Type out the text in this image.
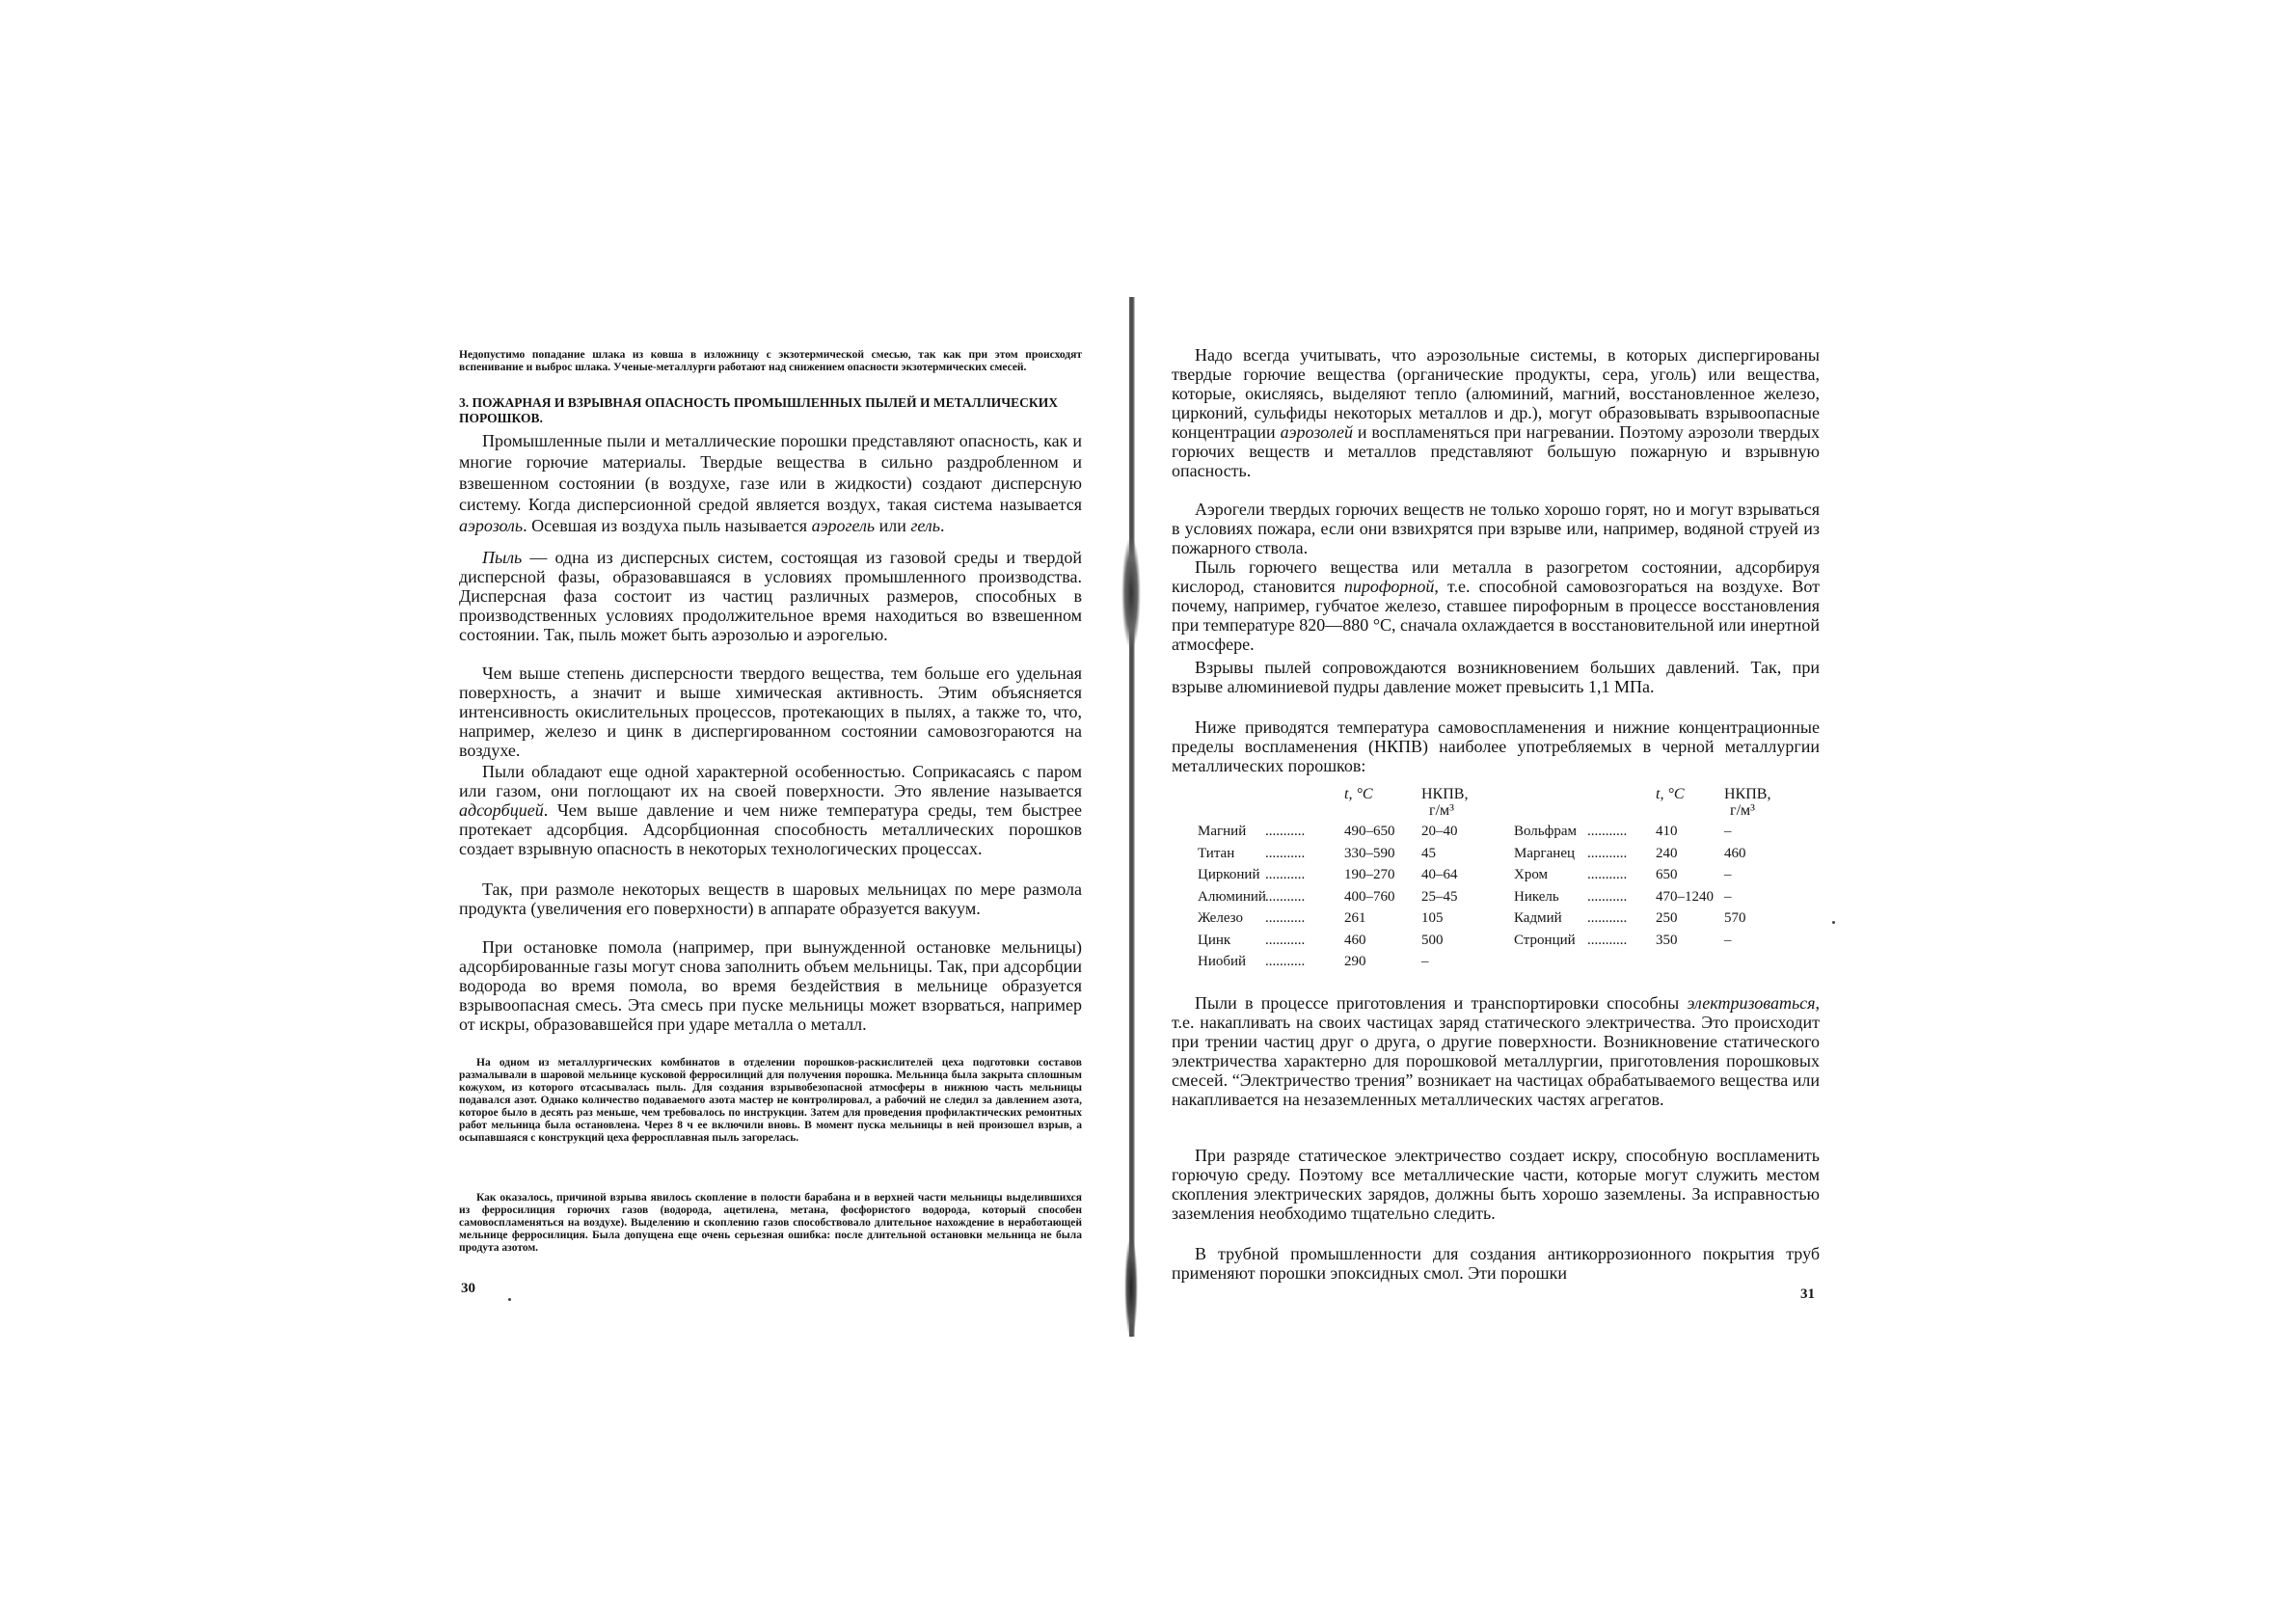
Недопустимо попадание шлака из ковша в изложницу с экзотермической смесью, так как при этом происходят вспенивание и выброс шлака. Ученые-металлурги работают над снижением опасности экзотермических смесей.
3. ПОЖАРНАЯ И ВЗРЫВНАЯ ОПАСНОСТЬ ПРОМЫШЛЕННЫХ ПЫЛЕЙ И МЕТАЛЛИЧЕСКИХ ПОРОШКОВ.
Промышленные пыли и металлические порошки представляют опасность, как и многие горючие материалы. Твердые вещества в сильно раздробленном и взвешенном состоянии (в воздухе, газе или в жидкости) создают дисперсную систему. Когда дисперсионной средой является воздух, такая система называется аэрозоль. Осевшая из воздуха пыль называется аэрогель или гель.
Пыль — одна из дисперсных систем, состоящая из газовой среды и твердой дисперсной фазы, образовавшаяся в условиях промышленного производства. Дисперсная фаза состоит из частиц различных размеров, способных в производственных условиях продолжительное время находиться во взвешенном состоянии. Так, пыль может быть аэрозолью и аэрогелью.
Чем выше степень дисперсности твердого вещества, тем больше его удельная поверхность, а значит и выше химическая активность. Этим объясняется интенсивность окислительных процессов, протекающих в пылях, а также то, что, например, железо и цинк в диспергированном состоянии самовозгораются на воздухе.
Пыли обладают еще одной характерной особенностью. Соприкасаясь с паром или газом, они поглощают их на своей поверхности. Это явление называется адсорбцией. Чем выше давление и чем ниже температура среды, тем быстрее протекает адсорбция. Адсорбционная способность металлических порошков создает взрывную опасность в некоторых технологических процессах.
Так, при размоле некоторых веществ в шаровых мельницах по мере размола продукта (увеличения его поверхности) в аппарате образуется вакуум.
При остановке помола (например, при вынужденной остановке мельницы) адсорбированные газы могут снова заполнить объем мельницы. Так, при адсорбции водорода во время помола, во время бездействия в мельнице образуется взрывоопасная смесь. Эта смесь при пуске мельницы может взорваться, например от искры, образовавшейся при ударе металла о металл.
На одном из металлургических комбинатов в отделении порошков-раскислителей цеха подготовки составов размалывали в шаровой мельнице кусковой ферросилиций для получения порошка. Мельница была закрыта сплошным кожухом, из которого отсасывалась пыль. Для создания взрывобезопасной атмосферы в нижнюю часть мельницы подавался азот. Однако количество подаваемого азота мастер не контролировал, а рабочий не следил за давлением азота, которое было в десять раз меньше, чем требовалось по инструкции. Затем для проведения профилактических ремонтных работ мельница была остановлена. Через 8 ч ее включили вновь. В момент пуска мельницы в ней произошел взрыв, а осыпавшаяся с конструкций цеха ферросплавная пыль загорелась.
Как оказалось, причиной взрыва явилось скопление в полости барабана и в верхней части мельницы выделившихся из ферросилиция горючих газов (водорода, ацетилена, метана, фосфористого водорода, который способен самовоспламеняться на воздухе). Выделению и скоплению газов способствовало длительное нахождение в неработающей мельнице ферросилиция. Была допущена еще очень серьезная ошибка: после длительной остановки мельница не была продута азотом.
30
Надо всегда учитывать, что аэрозольные системы, в которых диспергированы твердые горючие вещества (органические продукты, сера, уголь) или вещества, которые, окисляясь, выделяют тепло (алюминий, магний, восстановленное железо, цирконий, сульфиды некоторых металлов и др.), могут образовывать взрывоопасные концентрации аэрозолей и воспламеняться при нагревании. Поэтому аэрозоли твердых горючих веществ и металлов представляют большую пожарную и взрывную опасность.
Аэрогели твердых горючих веществ не только хорошо горят, но и могут взрываться в условиях пожара, если они взвихрятся при взрыве или, например, водяной струей из пожарного ствола.
Пыль горючего вещества или металла в разогретом состоянии, адсорбируя кислород, становится пирофорной, т.е. способной самовозгораться на воздухе. Вот почему, например, губчатое железо, ставшее пирофорным в процессе восстановления при температуре 820—880 °С, сначала охлаждается в восстановительной или инертной атмосфере.
Взрывы пылей сопровождаются возникновением больших давлений. Так, при взрыве алюминиевой пудры давление может превысить 1,1 МПа.
Ниже приводятся температура самовоспламенения и нижние концентрационные пределы воспламенения (НКПВ) наиболее употребляемых в черной металлургии металлических порошков:
t, °С	НКПВ,
г/м³
t, °С	НКПВ,
г/м³
Магний	...........	490–650 20–40	Вольфрам ........... 410	–
Титан	...........	330–590 45	Марганец ........... 240	460
Цирконий ...........	190–270 40–64	Хром	........... 650	–
Алюминий ...........	400–760 25–45	Никель	........... 470–1240 –
Железо	...........	261	105	Кадмий	........... 250	570
Цинк	...........	460	500	Стронций ........... 350	–
Ниобий	...........	290	–
Пыли в процессе приготовления и транспортировки способны электризоваться, т.е. накапливать на своих частицах заряд статического электричества. Это происходит при трении частиц друг о друга, о другие поверхности. Возникновение статического электричества характерно для порошковой металлургии, приготовления порошковых смесей. “Электричество трения” возникает на частицах обрабатываемого вещества или накапливается на незаземленных металлических частях агрегатов.
При разряде статическое электричество создает искру, способную воспламенить горючую среду. Поэтому все металлические части, которые могут служить местом скопления электрических зарядов, должны быть хорошо заземлены. За исправностью заземления необходимо тщательно следить.
В трубной промышленности для создания антикоррозионного покрытия труб применяют порошки эпоксидных смол. Эти порошки
31
